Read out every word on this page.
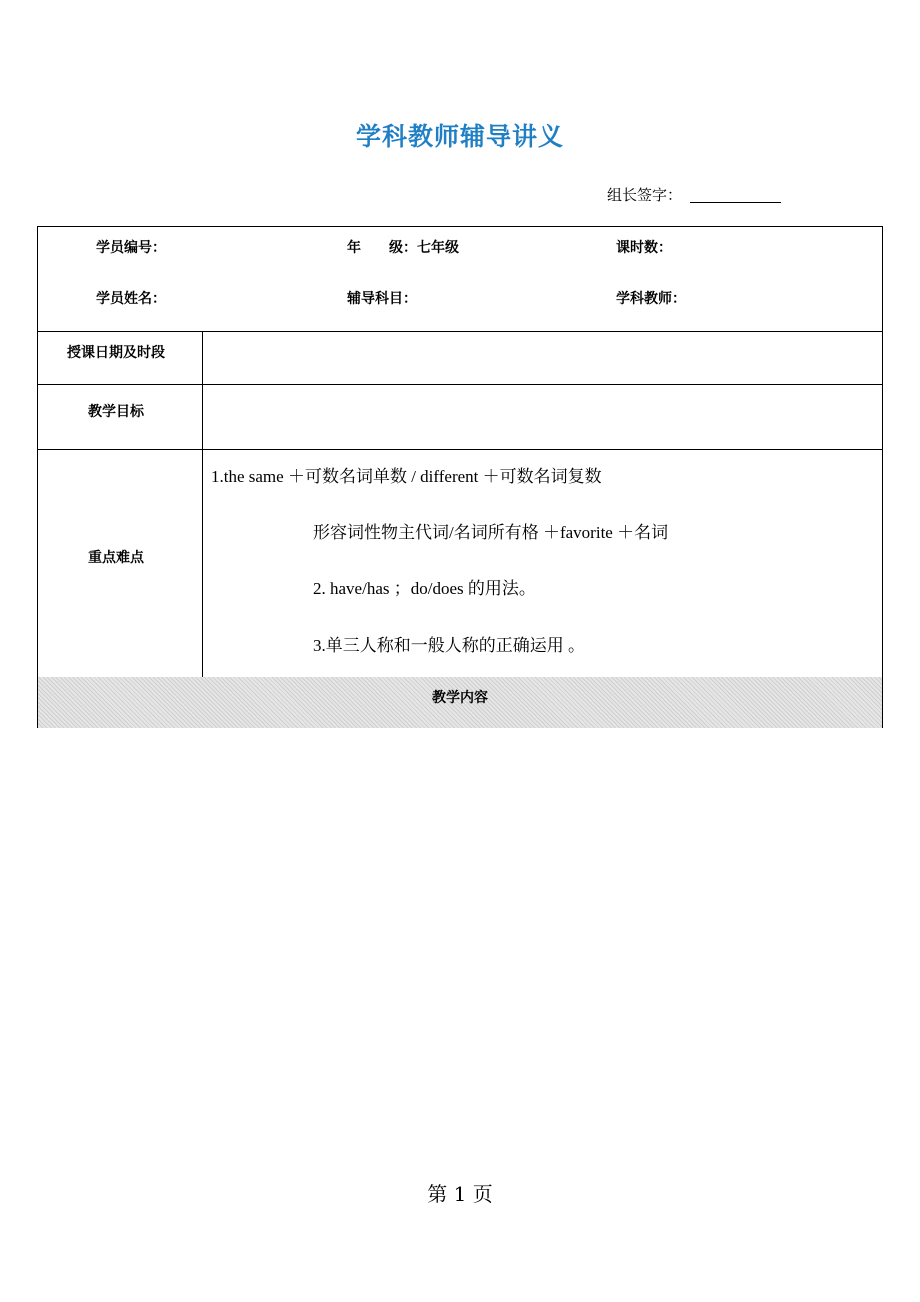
学科教师辅导讲义
组长签字：
学员编号：	年　　级：七年级	课时数：
学员姓名：	辅导科目：	学科教师：
授课日期及时段
教学目标
重点难点
1.the same ＋可数名词单数 / different ＋可数名词复数
形容词性物主代词/名词所有格 ＋favorite ＋名词
2. have/has ；do/does 的用法。
3.单三人称和一般人称的正确运用 。
教学内容
第 1 页
